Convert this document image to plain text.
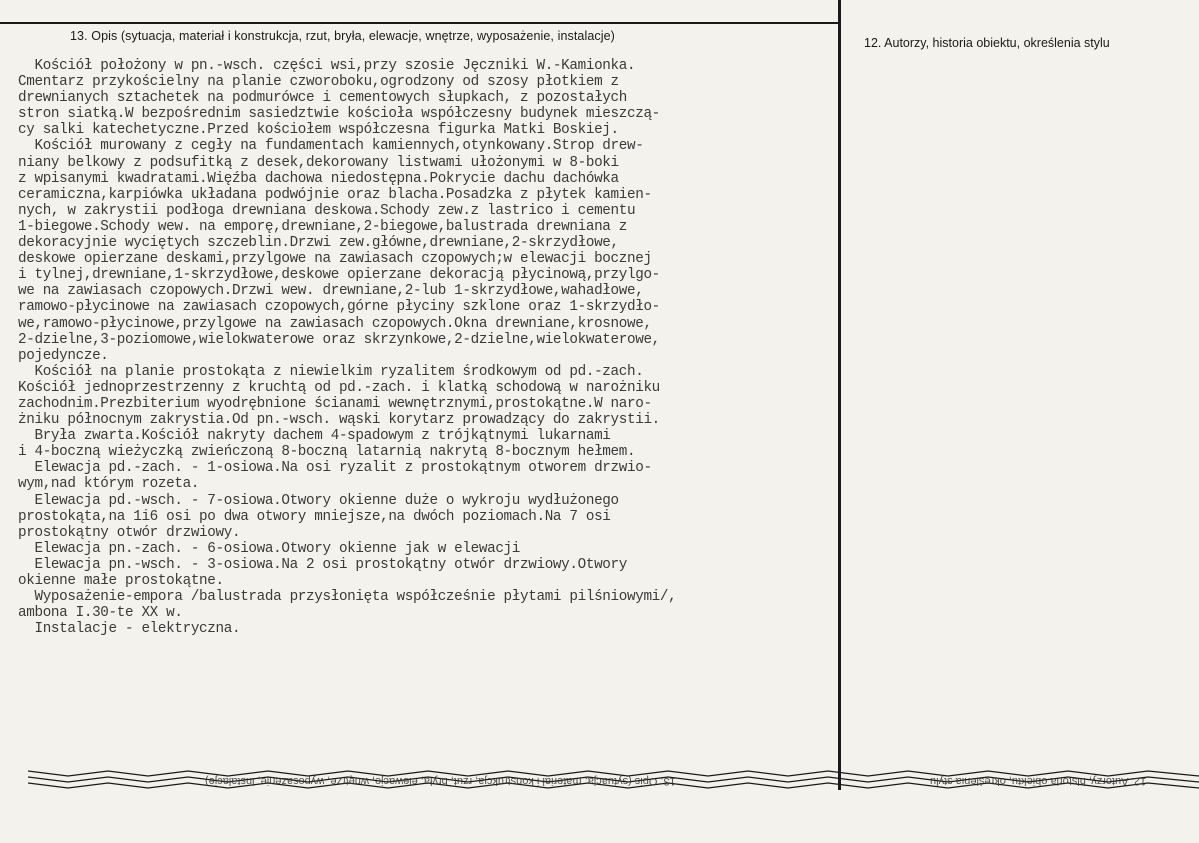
13. Opis (sytuacja, materiał i konstrukcja, rzut, bryła, elewacje, wnętrze, wyposażenie, instalacje)	12. Autorzy, historia obiektu, określenia stylu
Kościół położony w pn.-wsch. części wsi,przy szosie Jęczniki W.-Kamionka.
Cmentarz przykościelny na planie czworoboku,ogrodzony od szosy płotkiem z
drewnianych sztachetek na podmurówce i cementowych słupkach, z pozostałych
stron siatką.W bezpośrednim sasiedztwie kościoła współczesny budynek mieszczą-
cy salki katechetyczne.Przed kościołem współczesna figurka Matki Boskiej.
Kościół murowany z cegły na fundamentach kamiennych,otynkowany.Strop drew-
niany belkowy z podsufitką z desek,dekorowany listwami ułożonymi w 8-boki
z wpisanymi kwadratami.Więźba dachowa niedostępna.Pokrycie dachu dachówka
ceramiczna,karpiówka układana podwójnie oraz blacha.Posadzka z płytek kamien-
nych, w zakrystii podłoga drewniana deskowa.Schody zew.z lastrico i cementu
1-biegowe.Schody wew. na emporę,drewniane,2-biegowe,balustrada drewniana z
dekoracyjnie wyciętych szczeblin.Drzwi zew.główne,drewniane,2-skrzydłowe,
deskowe opierzane deskami,przylgowe na zawiasach czopowych;w elewacji bocznej
i tylnej,drewniane,1-skrzydłowe,deskowe opierzane dekoracją płycinową,przylgo-
we na zawiasach czopowych.Drzwi wew. drewniane,2-lub 1-skrzydłowe,wahadłowe,
ramowo-płycinowe na zawiasach czopowych,górne płyciny szklone oraz 1-skrzydło-
we,ramowo-płycinowe,przylgowe na zawiasach czopowych.Okna drewniane,krosnowe,
2-dzielne,3-poziomowe,wielokwaterowe oraz skrzynkowe,2-dzielne,wielokwaterowe,
pojedyncze.
Kościół na planie prostokąta z niewielkim ryzalitem środkowym od pd.-zach.
Kościół jednoprzestrzenny z kruchtą od pd.-zach. i klatką schodową w narożniku
zachodnim.Prezbiterium wyodrębnione ścianami wewnętrznymi,prostokątne.W naro-
żniku północnym zakrystia.Od pn.-wsch. wąski korytarz prowadzący do zakrystii.
Bryła zwarta.Kościół nakryty dachem 4-spadowym z trójkątnymi lukarnami
i 4-boczną wieżyczką zwieńczoną 8-boczną latarnią nakrytą 8-bocznym hełmem.
Elewacja pd.-zach. - 1-osiowa.Na osi ryzalit z prostokątnym otworem drzwio-
wym,nad którym rozeta.
Elewacja pd.-wsch. - 7-osiowa.Otwory okienne duże o wykroju wydłużonego
prostokąta,na 1i6 osi po dwa otwory mniejsze,na dwóch poziomach.Na 7 osi
prostokątny otwór drzwiowy.
Elewacja pn.-zach. - 6-osiowa.Otwory okienne jak w elewacji
Elewacja pn.-wsch. - 3-osiowa.Na 2 osi prostokątny otwór drzwiowy.Otwory
okienne małe prostokątne.
Wyposażenie-empora /balustrada przysłonięta współcześnie płytami pilśniowymi/,
ambona I.30-te XX w.
Instalacje - elektryczna.
13. Opis (sytuacja, materiał i konstrukcja, rzut, bryła, elewacje, wnętrze, wyposażenie, instalacje)	12. Autorzy, historia obiektu, określenia stylu
